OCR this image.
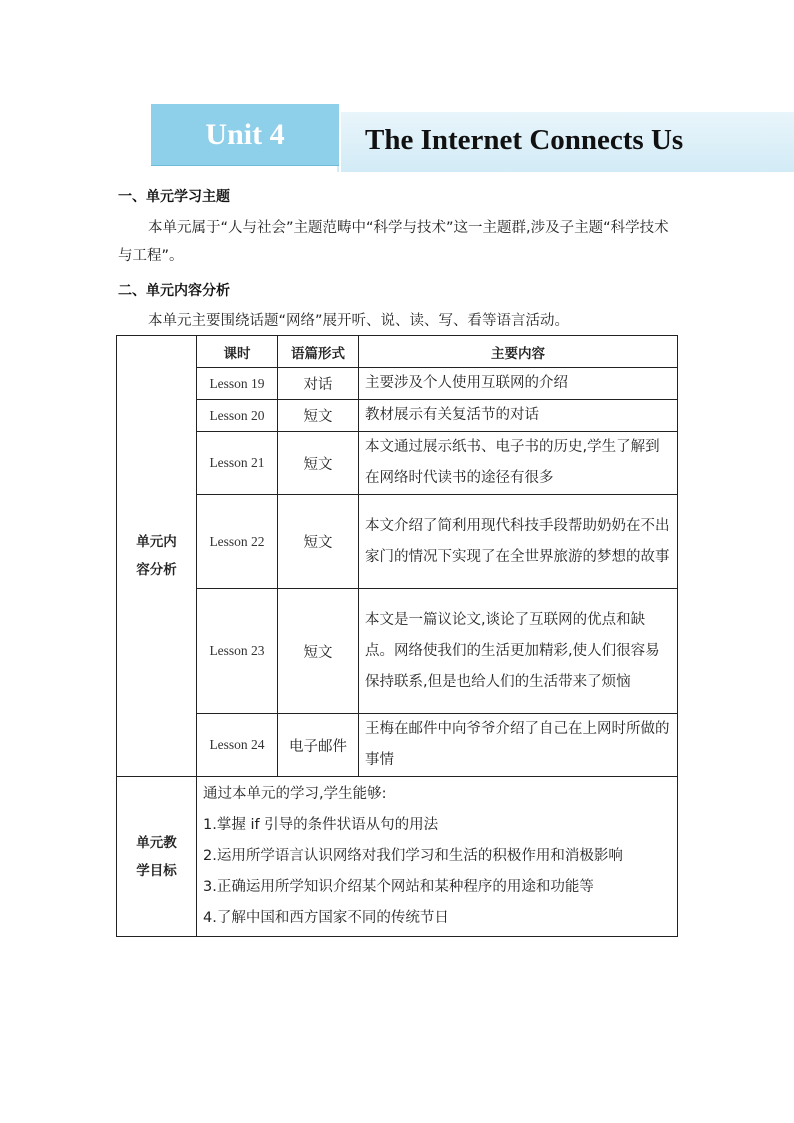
Unit 4	The Internet Connects Us
一、单元学习主题
本单元属于“人与社会”主题范畴中“科学与技术”这一主题群,涉及子主题“科学技术与工程”。
二、单元内容分析
本单元主要围绕话题“网络”展开听、说、读、写、看等语言活动。
单元内容分析	课时	语篇形式	主要内容
	Lesson 19	对话	主要涉及个人使用互联网的介绍
	Lesson 20	短文	教材展示有关复活节的对话
	Lesson 21	短文	本文通过展示纸书、电子书的历史,学生了解到在网络时代读书的途径有很多
	Lesson 22	短文	本文介绍了简利用现代科技手段帮助奶奶在不出家门的情况下实现了在全世界旅游的梦想的故事
	Lesson 23	短文	本文是一篇议论文,谈论了互联网的优点和缺点。网络使我们的生活更加精彩,使人们很容易保持联系,但是也给人们的生活带来了烦恼
	Lesson 24	电子邮件	王梅在邮件中向爷爷介绍了自己在上网时所做的事情
单元教学目标	通过本单元的学习,学生能够:
1.掌握 if 引导的条件状语从句的用法
2.运用所学语言认识网络对我们学习和生活的积极作用和消极影响
3.正确运用所学知识介绍某个网站和某种程序的用途和功能等
4.了解中国和西方国家不同的传统节日		
